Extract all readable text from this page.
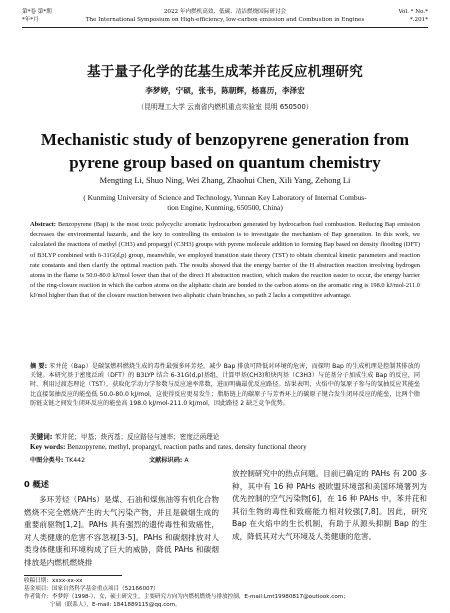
第*卷 第*期	2022 年内燃机高效、低碳、清洁燃烧国际研讨会	Vol. * No.*
*年*月	The International Symposium on High-efficiency, low-carbon emission and Combustion in Engines	*.201*
基于量子化学的芘基生成苯并芘反应机理研究
李梦婷，宁硕，张韦，陈朝辉，杨喜历，李泽宏
（昆明理工大学 云南省内燃机重点实验室 昆明 650500）
Mechanistic study of benzopyrene generation from
pyrene group based on quantum chemistry
Mengting Li, Shuo Ning, Wei Zhang, Zhaohui Chen, Xili Yang, Zehong Li
( Kunming University of Science and Technology, Yunnan Key Laboratory of Internal Combus-
tion Engine, Kunming, 650500, China)
Abstract: Benzopyrene (Bap) is the most toxic polycyclic aromatic hydrocarbon generated by hydrocarbon fuel combustion. Reducing Bap emission decreases the environmental hazards, and the key to controlling its emission is to investigate the mechanism of Bap generation. In this work, we calculated the reactions of methyl (CH3) and propargyl (C3H3) groups with pyrene molecule addition to forming Bap based on density flooding (DFT) of B3LYP combined with 6-31G(d,p) group, meanwhile, we employed transition state theory (TST) to obtain chemical kinetic parameters and reaction rate constants and then clarify the optimal reaction path. The results showed that the energy barrier of the H abstraction reaction involving hydrogen atoms in the flame is 50.0-80.0 kJ/mol lower than that of the direct H abstraction reaction, which makes the reaction easier to occur, the energy barrier of the ring-closure reaction in which the carbon atoms on the aliphatic chain are bonded to the carbon atoms on the aromatic ring is 198.0 kJ/mol-211.0 kJ/mol higher than that of the closure reaction between two aliphatic chain branches, so path 2 lacks a competitive advantage.
摘 要: 苯并芘（Bap）是碳氢燃料燃烧生成的毒性最强多环芳烃，减少 Bap 排放可降低对环境的危害，而探明 Bap 的生成机理是控制其排放的关键。本研究基于密度泛函（DFT）的 B3LYP 结合 6-31G(d,p)基组，计算甲基(CH3)和炔丙基（C3H3）与芘基分子加成生成 Bap 的反应，同时，利用过渡态理论（TST），获取化学动力学参数与反应速率常数，进而明确最优反应路径。结果表明，火焰中的氢原子参与的氢抽反应其能垒比直接氢抽反应的能垒低 50.0-80.0 kJ/mol，这使得反应更易发生；脂肪链上的碳原子与芳香环上的碳原子键合发生闭环反应的能垒，比两个脂肪链支链之间发生闭环反应的能垒高 198.0 kJ/mol-211.0 kJ/mol，因此路径 2 缺乏竞争优势。
关键词: 苯并芘；甲基；炔丙基；反应路径与速率；密度泛函理论
Key words: Benzopyrene, methyl, propargyl, reaction paths and rates, density functional theory
中图分类号: TK442	文献标识码: A
0 概述
多环芳烃（PAHs）是煤、石油和煤焦油等有机化合物燃烧不完全燃烧产生的大气污染产物，并且是碳烟生成的重要前驱物[1,2]。PAHs 具有强烈的遗传毒性和致癌性，对人类健康的危害不容忽视[3-5]。PAHs 和碳烟排放对人类身体健康和环境构成了巨大的威胁，降低 PAHs 和碳烟排放是内燃机燃烧排
放控制研究中的热点问题。目前已确定的 PAHs 有 200 多种，其中有 16 种 PAHs 被欧盟环境部和美国环境署列为优先控制的空气污染物[6]，在 16 种 PAHs 中，苯并芘和其衍生物的毒性和致癌能力相对较强[7,8]。因此，研究 Bap 在火焰中的生长机制，有助于从源头抑制 Bap 的生成，降低其对大气环境及人类健康的危害。
收稿日期：xxxx-xx-xx
基金项目：国家自然科学基金重点项目（52166007）
作者简介：李梦婷（1998-），女，硕士研究生，主要研究方向为内燃机燃烧与排放控制，E-mail:Lmt19980817@outlook.com；
宁硕（联系人），E-mail: 1841889115@qq.com。
